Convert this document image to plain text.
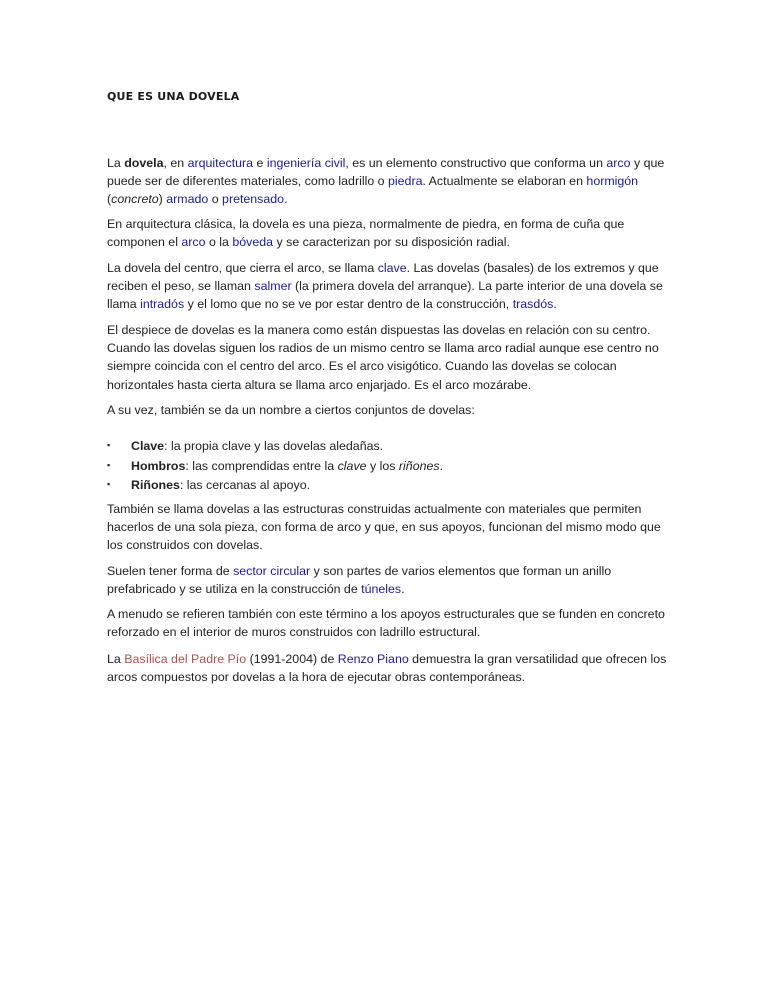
QUE ES UNA DOVELA

La dovela, en arquitectura e ingeniería civil, es un elemento constructivo que conforma un arco y que puede ser de diferentes materiales, como ladrillo o piedra. Actualmente se elaboran en hormigón (concreto) armado o pretensado.

En arquitectura clásica, la dovela es una pieza, normalmente de piedra, en forma de cuña que componen el arco o la bóveda y se caracterizan por su disposición radial.

La dovela del centro, que cierra el arco, se llama clave. Las dovelas (basales) de los extremos y que reciben el peso, se llaman salmer (la primera dovela del arranque). La parte interior de una dovela se llama intradós y el lomo que no se ve por estar dentro de la construcción, trasdós.

El despiece de dovelas es la manera como están dispuestas las dovelas en relación con su centro. Cuando las dovelas siguen los radios de un mismo centro se llama arco radial aunque ese centro no siempre coincida con el centro del arco. Es el arco visigótico. Cuando las dovelas se colocan horizontales hasta cierta altura se llama arco enjarjado. Es el arco mozárabe.

A su vez, también se da un nombre a ciertos conjuntos de dovelas:

▪ Clave: la propia clave y las dovelas aledañas.
▪ Hombros: las comprendidas entre la clave y los riñones.
▪ Riñones: las cercanas al apoyo.

También se llama dovelas a las estructuras construidas actualmente con materiales que permiten hacerlos de una sola pieza, con forma de arco y que, en sus apoyos, funcionan del mismo modo que los construidos con dovelas.

Suelen tener forma de sector circular y son partes de varios elementos que forman un anillo prefabricado y se utiliza en la construcción de túneles.

A menudo se refieren también con este término a los apoyos estructurales que se funden en concreto reforzado en el interior de muros construidos con ladrillo estructural.

La Basílica del Padre Pío (1991-2004) de Renzo Piano demuestra la gran versatilidad que ofrecen los arcos compuestos por dovelas a la hora de ejecutar obras contemporáneas.
